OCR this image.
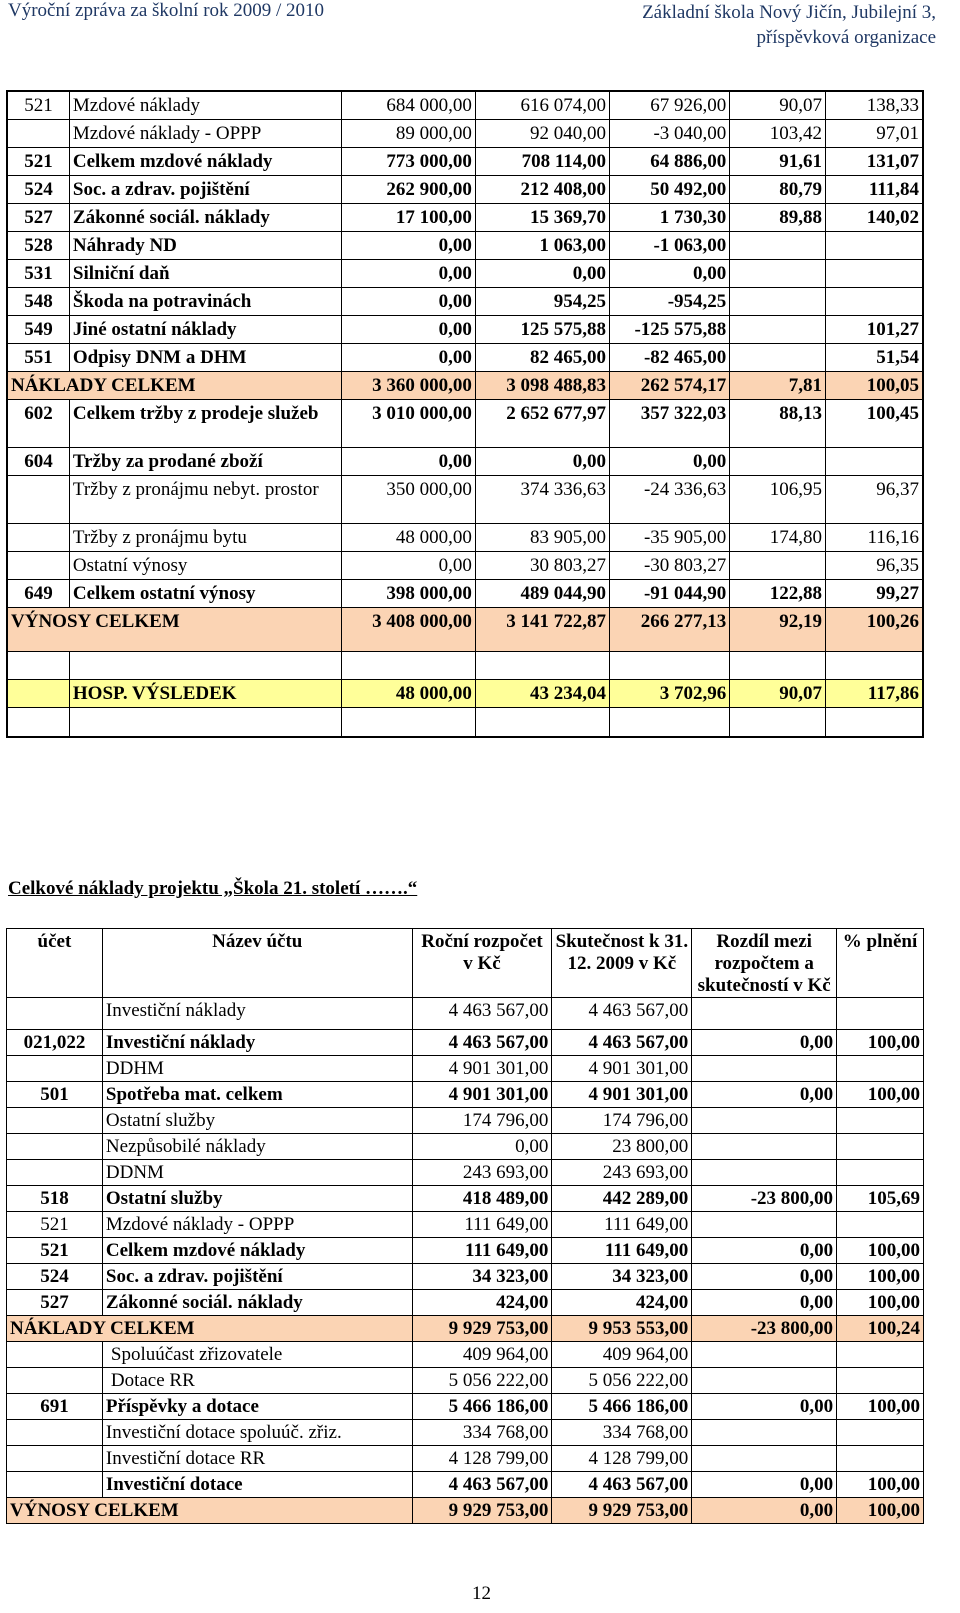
Výroční zpráva za školní rok 2009 / 2010	Základní škola Nový Jičín, Jubilejní 3,
příspěvková organizace
521	Mzdové náklady	684 000,00	616 074,00	67 926,00	90,07	138,33
	Mzdové náklady - OPPP	89 000,00	92 040,00	-3 040,00	103,42	97,01
521	Celkem mzdové náklady	773 000,00	708 114,00	64 886,00	91,61	131,07
524	Soc. a zdrav. pojištění	262 900,00	212 408,00	50 492,00	80,79	111,84
527	Zákonné sociál. náklady	17 100,00	15 369,70	1 730,30	89,88	140,02
528	Náhrady ND	0,00	1 063,00	-1 063,00		
531	Silniční daň	0,00	0,00	0,00		
548	Škoda na potravinách	0,00	954,25	-954,25		
549	Jiné ostatní náklady	0,00	125 575,88	-125 575,88		101,27
551	Odpisy DNM a DHM	0,00	82 465,00	-82 465,00		51,54
NÁKLADY CELKEM		3 360 000,00	3 098 488,83	262 574,17	7,81	100,05
602	Celkem tržby z prodeje služeb	3 010 000,00	2 652 677,97	357 322,03	88,13	100,45
604	Tržby za prodané zboží	0,00	0,00	0,00		
	Tržby z pronájmu nebyt. prostor	350 000,00	374 336,63	-24 336,63	106,95	96,37
	Tržby z pronájmu bytu	48 000,00	83 905,00	-35 905,00	174,80	116,16
	Ostatní výnosy	0,00	30 803,27	-30 803,27		96,35
649	Celkem ostatní výnosy	398 000,00	489 044,90	-91 044,90	122,88	99,27
VÝNOSY CELKEM		3 408 000,00	3 141 722,87	266 277,13	92,19	100,26

	HOSP. VÝSLEDEK	48 000,00	43 234,04	3 702,96	90,07	117,86

Celkové náklady projektu „Škola 21. století …….“
účet	Název účtu	Roční rozpočet v Kč	Skutečnost k 31. 12. 2009 v Kč	Rozdíl mezi rozpočtem a skutečností v Kč	% plnění
	Investiční náklady	4 463 567,00	4 463 567,00		
021,022	Investiční náklady	4 463 567,00	4 463 567,00	0,00	100,00
	DDHM	4 901 301,00	4 901 301,00		
501	Spotřeba mat. celkem	4 901 301,00	4 901 301,00	0,00	100,00
	Ostatní služby	174 796,00	174 796,00		
	Nezpůsobilé náklady	0,00	23 800,00		
	DDNM	243 693,00	243 693,00		
518	Ostatní služby	418 489,00	442 289,00	-23 800,00	105,69
521	Mzdové náklady - OPPP	111 649,00	111 649,00		
521	Celkem mzdové náklady	111 649,00	111 649,00	0,00	100,00
524	Soc. a zdrav. pojištění	34 323,00	34 323,00	0,00	100,00
527	Zákonné sociál. náklady	424,00	424,00	0,00	100,00
NÁKLADY CELKEM		9 929 753,00	9 953 553,00	-23 800,00	100,24
	Spoluúčast zřizovatele	409 964,00	409 964,00		
	Dotace RR	5 056 222,00	5 056 222,00		
691	Příspěvky a dotace	5 466 186,00	5 466 186,00	0,00	100,00
	Investiční dotace spoluúč. zřiz.	334 768,00	334 768,00		
	Investiční dotace RR	4 128 799,00	4 128 799,00		
	Investiční dotace	4 463 567,00	4 463 567,00	0,00	100,00
VÝNOSY CELKEM		9 929 753,00	9 929 753,00	0,00	100,00
12
